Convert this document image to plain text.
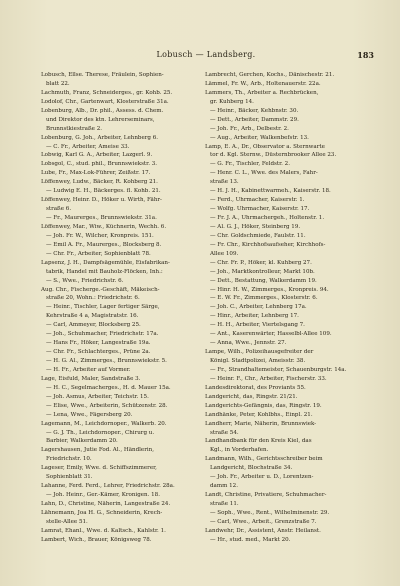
Lobusch — Landsberg.	183
Lobusch, Ellse. Therese, Fräulein, Sophien-
blatt 22.
Lachmuth, Franz, Schneiderges., gr. Kohb. 25.
Lodolof, Chr., Gartenwart, Klosterstraße 31a.
Lobenburg, Alb., Dr. phil., Assess. d. Chem.
und Direktor des ktn. Lehrerseminars,
Brunnstkiestraße 2.
Lobenburg, G. Joh., Arbeiter, Lehnberg 6.
— C. Fr., Arbeiter, Ameise 33.
Lobwig, Karl G. A., Arbeiter, Lazgerl. 9.
Lobsgol, C., stud. phil., Brunnswiekstr. 3.
Lube, Fr., Max-Lok-Führer, Zeißstr. 17.
Löffenwey, Ludw., Bäcker, R. Kohberg 21.
— Ludwig E. H., Bäckerges. fl. Kohb. 21.
Löffenwey, Heinr. D., Höker u. Wirth, Fähr-
straße 6.
— Fr., Maurerges., Brunnswiekstr. 31a.
Löffenwey, Mar., Wiw., Küchnerin, Wechh. 6.
— Joh. Fr. W., Wilcher, Kronpreis. 151.
— Emil A. Fr., Maurerges., Blocksberg 8.
— Chr. Fr., Arbeiter, Sophienblatt 78.
Lapsenz, J. H., Dampfsägemühle, Eisfabrikan-
tabrik, Handel mit Bauholz-Flöcken, Inh.:
— S., Wwe., Friedrichstr. 6.
Aug. Chr., Fischerge.-Geschäft, Mäkeisch-
straße 20, Wohn.: Friedrichstr. 6.
— Heinr., Tischler, Lager fertiger Särge,
Kehrstraße 4 a, Magistratstr. 16.
— Carl, Ammeyer, Blocksberg 25.
— Joh., Schuhmacher, Friedrichstr. 17a.
— Hans Fr., Höker, Langestraße 19a.
— Chr. Fr., Schlachterges., Prüne 2a.
— H. G. Al., Zimmerges., Brunnswiekstr. 5.
— H. Fr., Arbeiter auf Vormer.
Lage, Eisfuld, Maler, Sandstraße 3.
— H. C., Segelmacherges., H. d. Mauer 15a.
— Joh. Asmus, Arbeiter, Teichstr. 15.
— Elise, Wwe., Arbeiterin, Schützenstr. 28.
— Lena, Wwe., Fägersberg 20.
Lagemann, M., Leichdornoper., Walkerb. 20.
— G. J. Th., Leichdornoper., Chirurg u.
Barbier, Walkerdamm 20.
Lagershausen, Jutie Fod. Al., Händlerin,
Friedrichstr. 10.
Lageser, Emily, Wwe. d. Schiffszimmerer,
Sophienblatt 31.
Lahanne, Ferd. Ferd., Lehrer, Friedrichstr. 28a.
— Joh. Heinr., Ger.-Kämer, Kronigen. 18.
Lahn, D., Christine, Näherin, Langestraße 24.
Lähnemann, Joa H. G., Schneiderin, Krech-
stelle-Allee 51.
Lamrat, Ehanl., Wwe. d. Kaltsch., Kahlstr. 1.
Lambert, Wich., Brauer, Königsweg 78.
Lambrecht, Gerchen, Kochs., Dänischestr. 21.
Lämmel, Fr. W., Arb., Holtenauerstr. 22a.
Lammers, Th., Arbeiter a. Rechbrücken,
gr. Kuhberg 14.
— Heinr., Bäcker, Kehbnstr. 30.
— Dett., Arbeiter, Dammstr. 29.
— Joh. Fr., Arb., Delbestr. 2.
— Aug., Arbeiter, Walkenbefstr. 13.
Lamp, E. A., Dr., Observator a. Sternwarte
tor d. Kgl. Sternw., Düsternbrooker Allee 23.
— G. Fr., Tischler, Feldstr. 2.
— Henr. C. L., Wwe. des Malers, Fahr-
straße 13.
— H. J. H., Kabinettwarmeh., Kaiserstr. 18.
— Ferd., Uhrmacher, Kaiserstr. 1.
— Wolfg. Uhrmacher, Kaiserstr. 17.
— Fr. J. A., Uhrmachergeh., Holtenstr. 1.
— Al. G. J., Höker, Steinberg 19.
— Chr. Goldschmiede, Faulstr. 11.
— Fr. Chr., Kirchhofsaufseher, Kirchhofs-
Allee 109.
— Chr. Fr. P., Höker, kl. Kuhberg 27.
— Joh., Marktkontrolleur, Markt 10b.
— Dett., Bestattung, Walkerdamm 19.
— Hinr. H. W., Zimmerges., Kronpreis. 94.
— E. W. Fr., Zimmerges., Klosterstr. 6.
— Joh. C., Arbeiter, Lehnberg 17a.
— Hinr., Arbeiter, Lehnberg 17.
— H. H., Arbeiter, Viertelsgang 7.
— Ant., Kaserenwärter, Hasselbl-Allee 109.
— Anna, Wwe., Jennstr. 27.
Lampe, Wilh., Polizeihausgefreiter der
Königl. Stadtpolizei, Ameisstr. 38.
— Fr., Strandhaltemeister, Schauenburgstr. 14a.
— Heinr. F., Chr., Arbeiter, Fischerstr. 33.
Landesdirektorat, des Proviants 55.
Landgericht, das, Ringstr. 21/21.
Landgerichts-Gefängnis, das, Ringstr. 19.
Landhänke, Peter, Kohlbhs., Einpl. 21.
Landherr, Marie, Näherin, Brunnswiek-
straße 54.
Landhandbank für den Kreis Kiel, das
Kgl., in Vorderhafen.
Landmann, Wilh., Gerichtsschreiber beim
Landgericht, Blochstraße 34.
— Joh. Fr., Arbeiter u. D., Lorentzen-
damm 12.
Landt, Christine, Privatiere, Schuhmacher-
straße 11.
— Soph., Wwe., Rent., Wilhelminenstr. 29.
— Carl, Wwe., Arbeit., Grenzstraße 7.
Landwehr, Dr., Assistent, Anstr. Heilanst.
— Hr., stud. med., Markt 20.
